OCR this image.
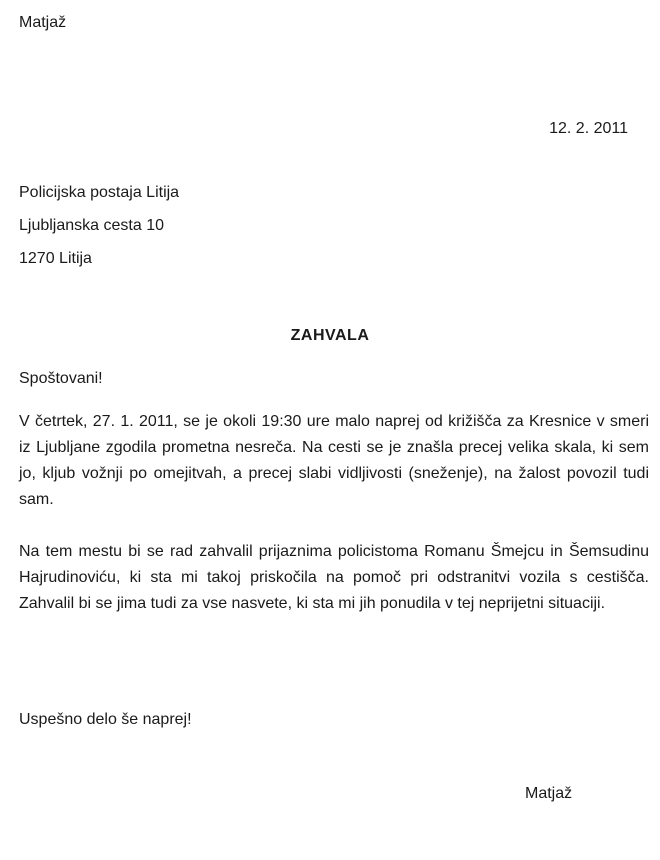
Matjaž
12. 2. 2011
Policijska postaja Litija
Ljubljanska cesta 10
1270 Litija
ZAHVALA
Spoštovani!

V četrtek, 27. 1. 2011, se je okoli 19:30 ure malo naprej od križišča za Kresnice v smeri iz Ljubljane zgodila prometna nesreča. Na cesti se je znašla precej velika skala, ki sem jo, kljub vožnji po omejitvah, a precej slabi vidljivosti (sneženje), na žalost povozil tudi sam.

Na tem mestu bi se rad zahvalil prijaznima policistoma Romanu Šmejcu in Šemsudinu Hajrudinoviću, ki sta mi takoj priskočila na pomoč pri odstranitvi vozila s cestišča. Zahvalil bi se jima tudi za vse nasvete, ki sta mi jih ponudila v tej neprijetni situaciji.

Uspešno delo še naprej!
Matjaž
